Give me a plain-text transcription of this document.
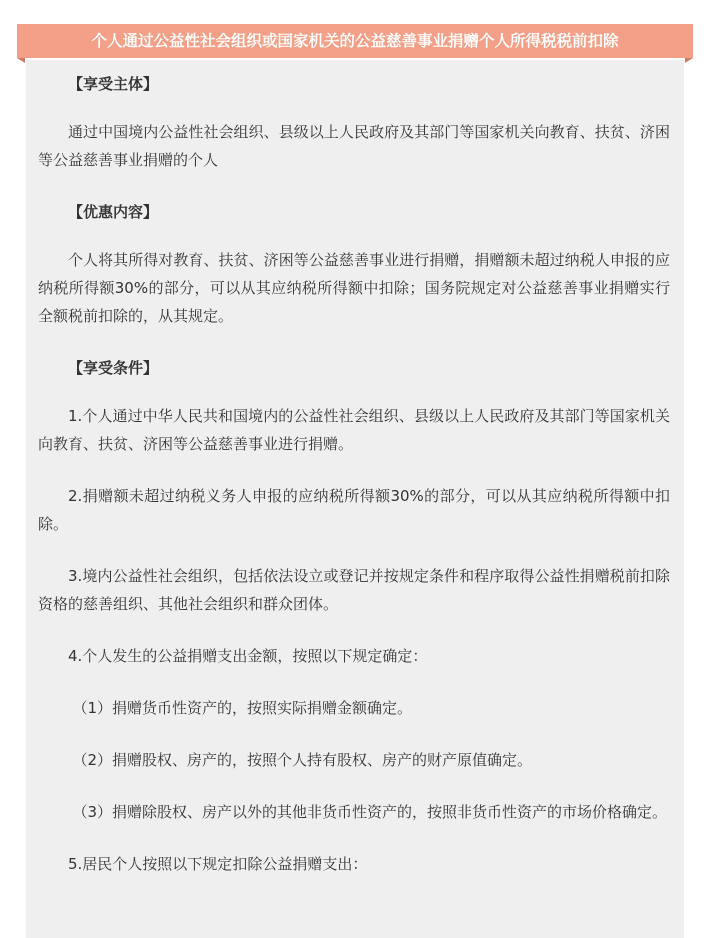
个人通过公益性社会组织或国家机关的公益慈善事业捐赠个人所得税税前扣除

【享受主体】

通过中国境内公益性社会组织、县级以上人民政府及其部门等国家机关向教育、扶贫、济困等公益慈善事业捐赠的个人

【优惠内容】

个人将其所得对教育、扶贫、济困等公益慈善事业进行捐赠，捐赠额未超过纳税人申报的应纳税所得额30%的部分，可以从其应纳税所得额中扣除；国务院规定对公益慈善事业捐赠实行全额税前扣除的，从其规定。

【享受条件】

1.个人通过中华人民共和国境内的公益性社会组织、县级以上人民政府及其部门等国家机关向教育、扶贫、济困等公益慈善事业进行捐赠。

2.捐赠额未超过纳税义务人申报的应纳税所得额30%的部分，可以从其应纳税所得额中扣除。

3.境内公益性社会组织，包括依法设立或登记并按规定条件和程序取得公益性捐赠税前扣除资格的慈善组织、其他社会组织和群众团体。

4.个人发生的公益捐赠支出金额，按照以下规定确定：

（1）捐赠货币性资产的，按照实际捐赠金额确定。

（2）捐赠股权、房产的，按照个人持有股权、房产的财产原值确定。

（3）捐赠除股权、房产以外的其他非货币性资产的，按照非货币性资产的市场价格确定。

5.居民个人按照以下规定扣除公益捐赠支出：
